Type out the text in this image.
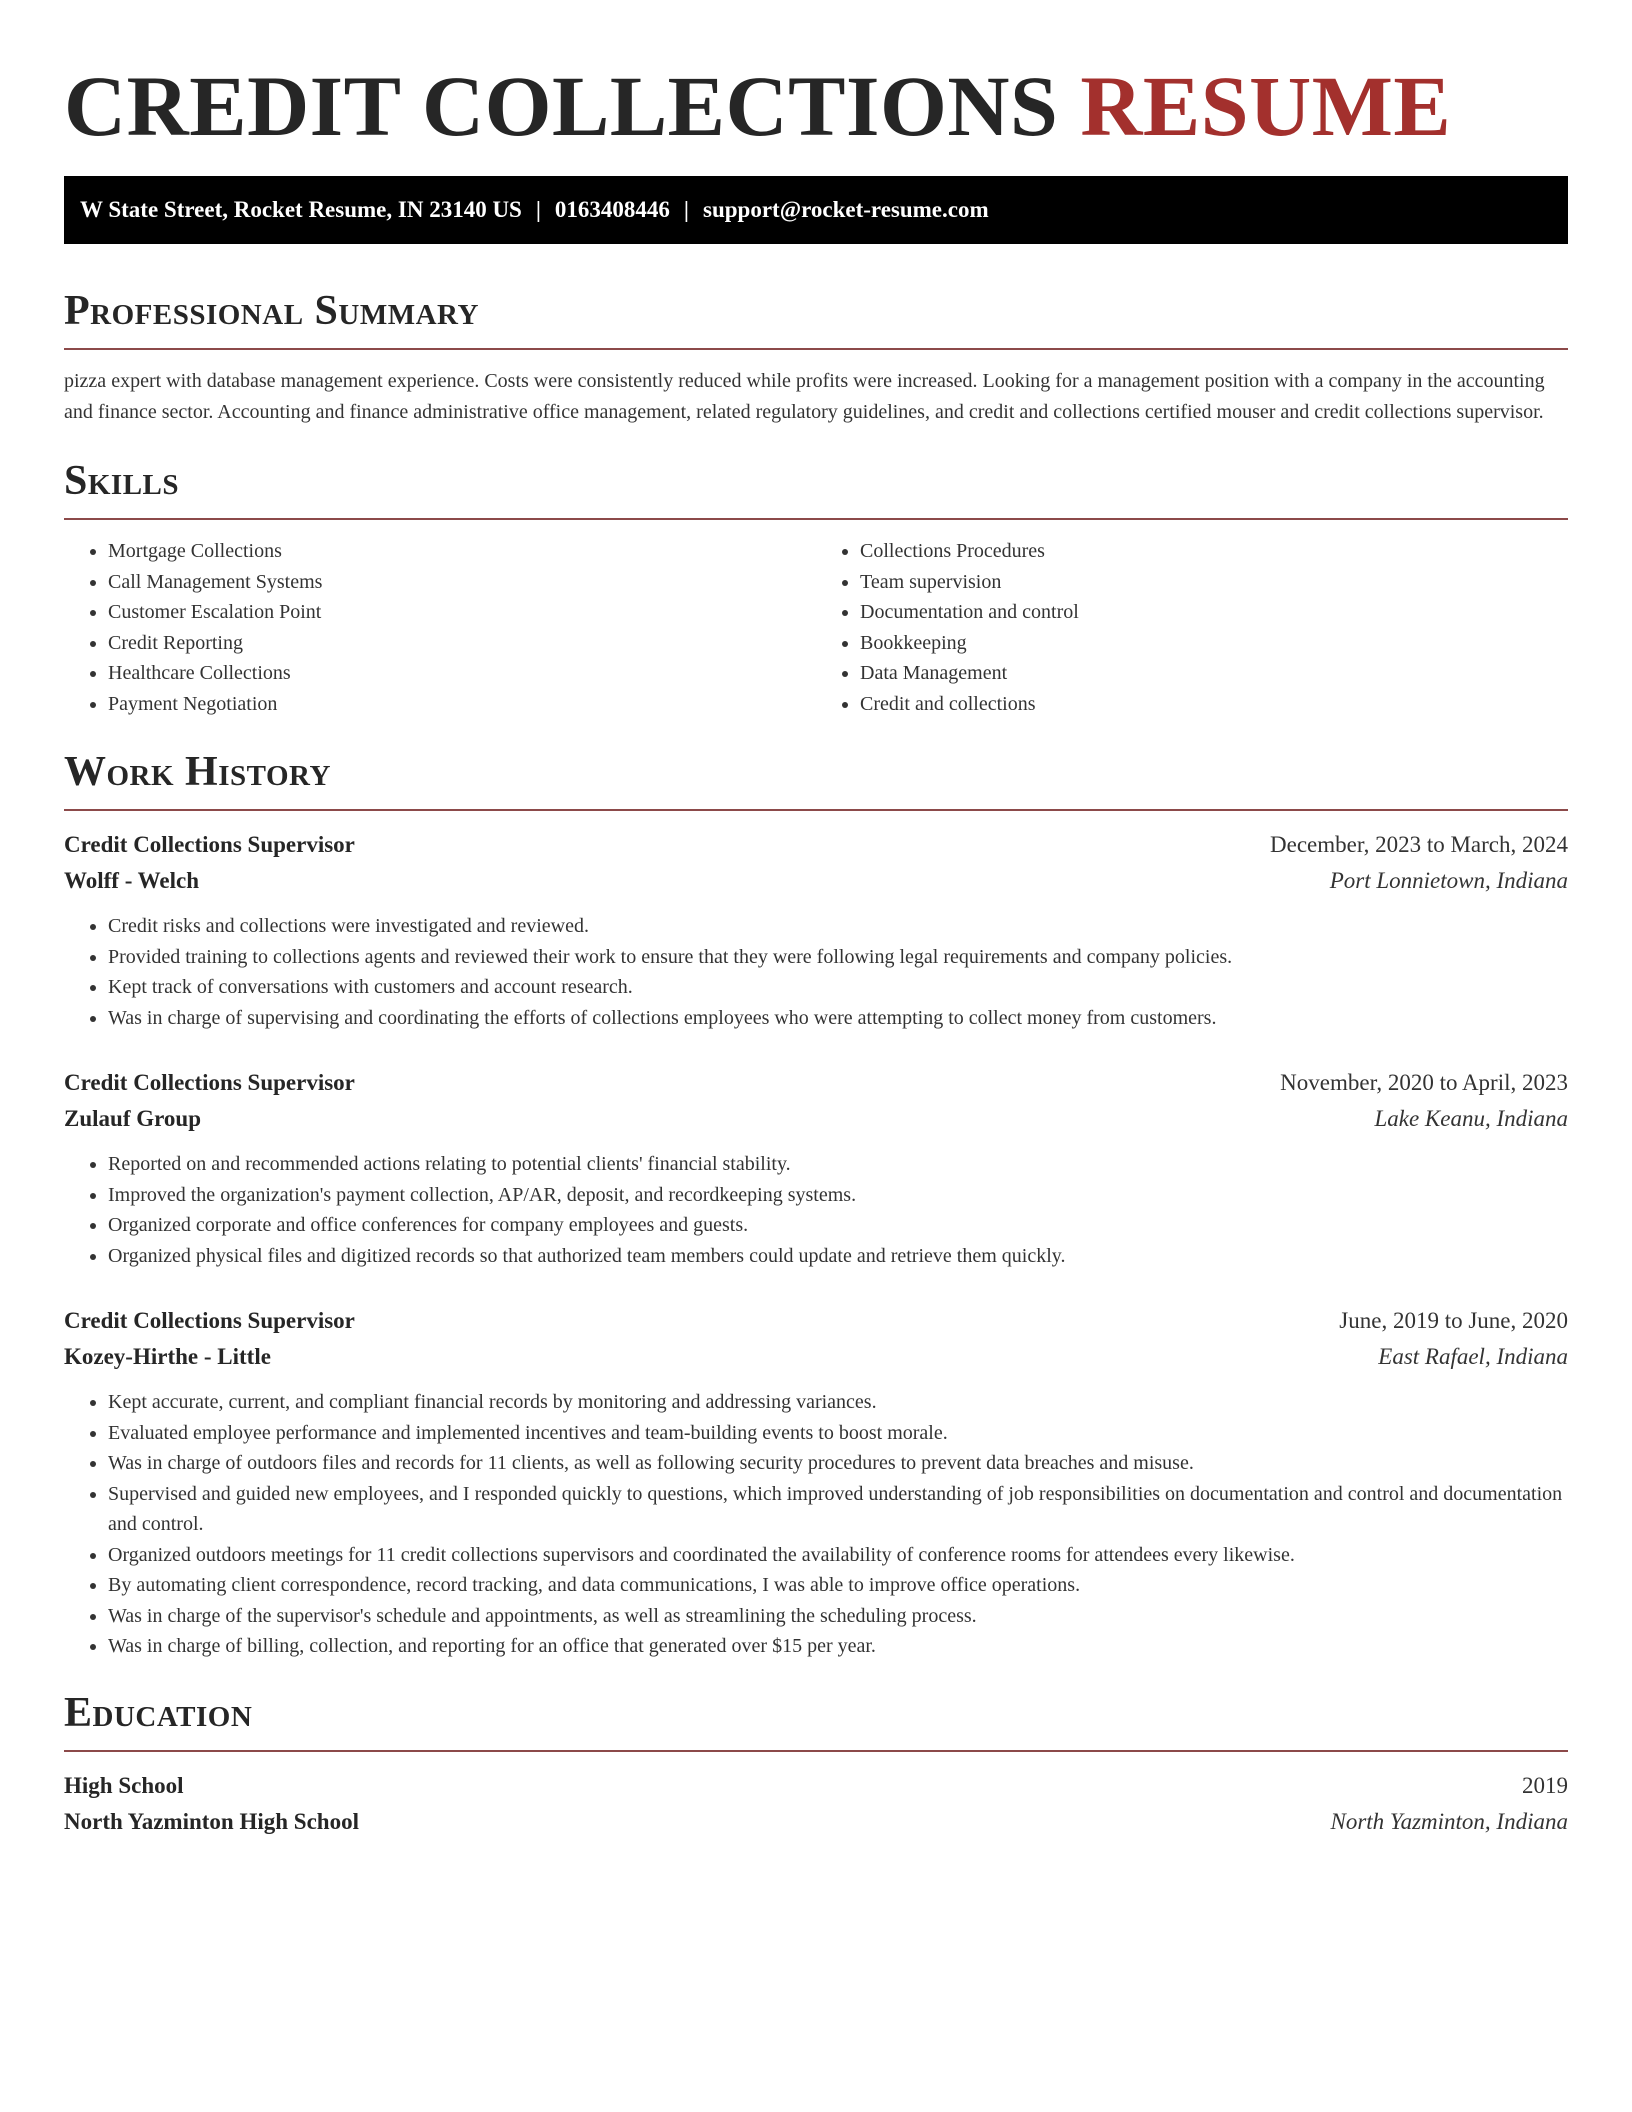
CREDIT COLLECTIONS RESUME
W State Street, Rocket Resume, IN 23140 US | 0163408446 | support@rocket-resume.com
Professional Summary

pizza expert with database management experience. Costs were consistently reduced while profits were increased. Looking for a management position with a company in the accounting and finance sector. Accounting and finance administrative office management, related regulatory guidelines, and credit and collections certified mouser and credit collections supervisor.

Skills
• Mortgage Collections
• Call Management Systems
• Customer Escalation Point
• Credit Reporting
• Healthcare Collections
• Payment Negotiation
• Collections Procedures
• Team supervision
• Documentation and control
• Bookkeeping
• Data Management
• Credit and collections
Work History
Credit Collections Supervisor	December, 2023 to March, 2024
Wolff - Welch	Port Lonnietown, Indiana
• Credit risks and collections were investigated and reviewed.
• Provided training to collections agents and reviewed their work to ensure that they were following legal requirements and company policies.
• Kept track of conversations with customers and account research.
• Was in charge of supervising and coordinating the efforts of collections employees who were attempting to collect money from customers.
Credit Collections Supervisor	November, 2020 to April, 2023
Zulauf Group	Lake Keanu, Indiana
• Reported on and recommended actions relating to potential clients' financial stability.
• Improved the organization's payment collection, AP/AR, deposit, and recordkeeping systems.
• Organized corporate and office conferences for company employees and guests.
• Organized physical files and digitized records so that authorized team members could update and retrieve them quickly.
Credit Collections Supervisor	June, 2019 to June, 2020
Kozey-Hirthe - Little	East Rafael, Indiana
• Kept accurate, current, and compliant financial records by monitoring and addressing variances.
• Evaluated employee performance and implemented incentives and team-building events to boost morale.
• Was in charge of outdoors files and records for 11 clients, as well as following security procedures to prevent data breaches and misuse.
• Supervised and guided new employees, and I responded quickly to questions, which improved understanding of job responsibilities on documentation and control and documentation and control.
• Organized outdoors meetings for 11 credit collections supervisors and coordinated the availability of conference rooms for attendees every likewise.
• By automating client correspondence, record tracking, and data communications, I was able to improve office operations.
• Was in charge of the supervisor's schedule and appointments, as well as streamlining the scheduling process.
• Was in charge of billing, collection, and reporting for an office that generated over $15 per year.
Education
High School	2019
North Yazminton High School	North Yazminton, Indiana
